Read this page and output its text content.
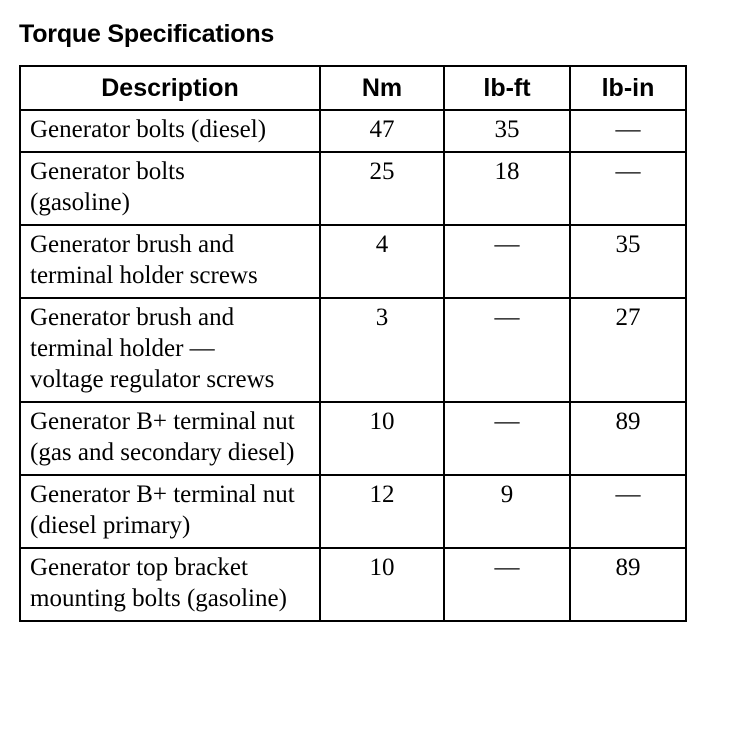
Torque Specifications
Description	Nm	lb-ft	lb-in
Generator bolts (diesel)	47	35	—
Generator bolts (gasoline)	25	18	—
Generator brush and terminal holder screws	4	—	35
Generator brush and terminal holder — voltage regulator screws	3	—	27
Generator B+ terminal nut (gas and secondary diesel)	10	—	89
Generator B+ terminal nut (diesel primary)	12	9	—
Generator top bracket mounting bolts (gasoline)	10	—	89
